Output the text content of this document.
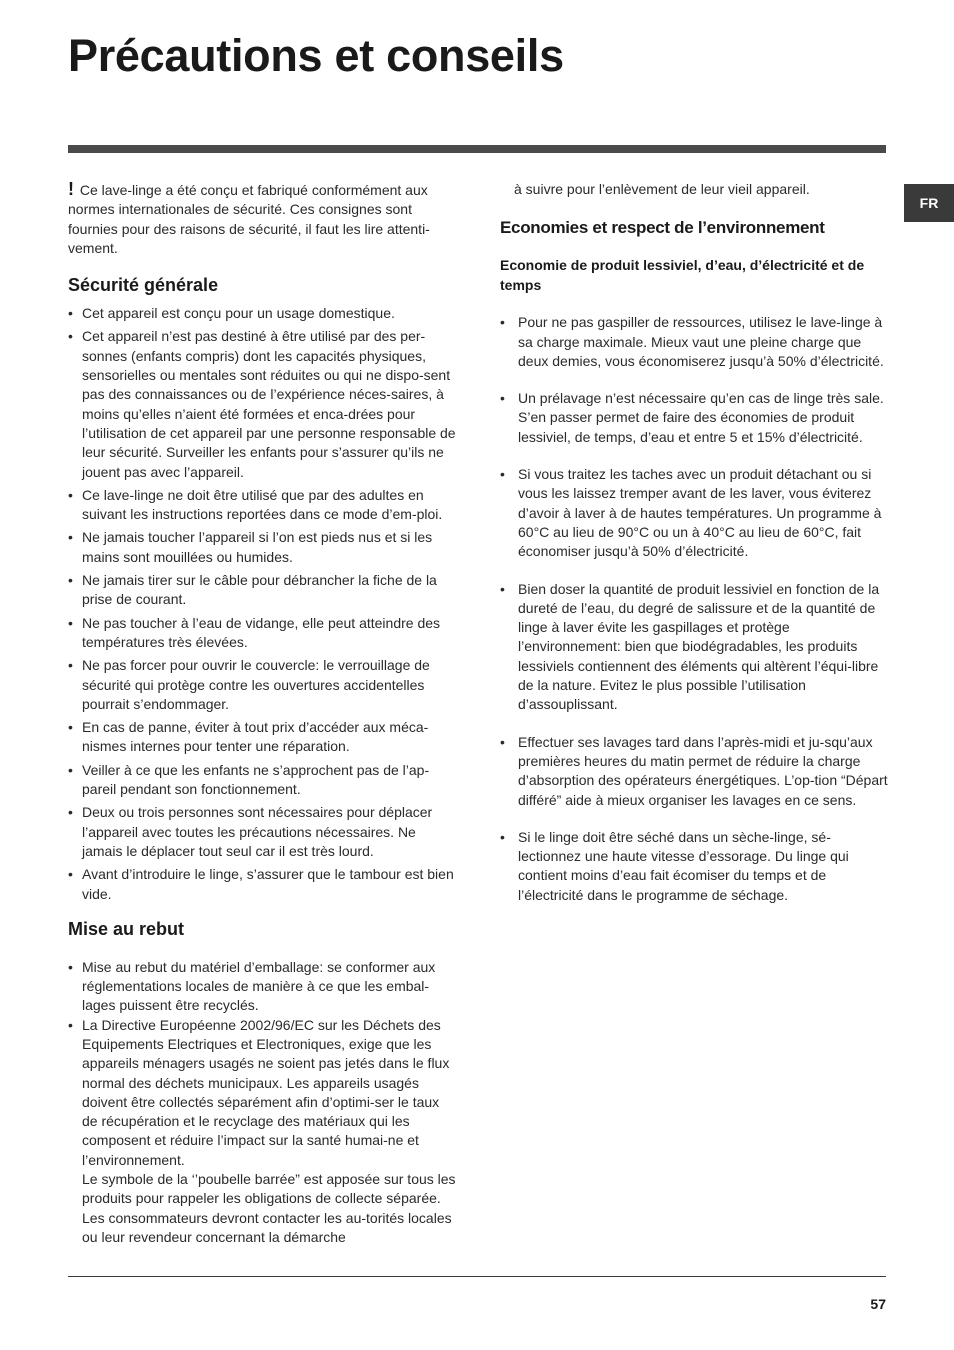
Précautions et conseils
FR

! Ce lave-linge a été conçu et fabriqué conformément aux normes internationales de sécurité. Ces consignes sont fournies pour des raisons de sécurité, il faut les lire attenti-vement.

Sécurité générale
• Cet appareil est conçu pour un usage domestique.
• Cet appareil n’est pas destiné à être utilisé par des per-sonnes (enfants compris) dont les capacités physiques, sensorielles ou mentales sont réduites ou qui ne dispo-sent pas des connaissances ou de l’expérience néces-saires, à moins qu’elles n’aient été formées et enca-drées pour l’utilisation de cet appareil par une personne responsable de leur sécurité. Surveiller les enfants pour s’assurer qu’ils ne jouent pas avec l’appareil.
• Ce lave-linge ne doit être utilisé que par des adultes en suivant les instructions reportées dans ce mode d’em-ploi.
• Ne jamais toucher l’appareil si l’on est pieds nus et si les mains sont mouillées ou humides.
• Ne jamais tirer sur le câble pour débrancher la fiche de la prise de courant.
• Ne pas toucher à l’eau de vidange, elle peut atteindre des températures très élevées.
• Ne pas forcer pour ouvrir le couvercle: le verrouillage de sécurité qui protège contre les ouvertures accidentelles pourrait s’endommager.
• En cas de panne, éviter à tout prix d’accéder aux méca-nismes internes pour tenter une réparation.
• Veiller à ce que les enfants ne s’approchent pas de l’ap-pareil pendant son fonctionnement.
• Deux ou trois personnes sont nécessaires pour déplacer l’appareil avec toutes les précautions nécessaires. Ne jamais le déplacer tout seul car il est très lourd.
• Avant d’introduire le linge, s’assurer que le tambour est bien vide.
Mise au rebut
• Mise au rebut du matériel d’emballage: se conformer aux réglementations locales de manière à ce que les embal-lages puissent être recyclés.
• La Directive Européenne 2002/96/EC sur les Déchets des Equipements Electriques et Electroniques, exige que les appareils ménagers usagés ne soient pas jetés dans le flux normal des déchets municipaux. Les appareils usagés doivent être collectés séparément afin d’optimi-ser le taux de récupération et le recyclage des matériaux qui les composent et réduire l’impact sur la santé humai-ne et l’environnement.

Le symbole de la ‘’poubelle barrée” est apposée sur tous les produits pour rappeler les obligations de collecte séparée. Les consommateurs devront contacter les au-torités locales ou leur revendeur concernant la démarche

à suivre pour l’enlèvement de leur vieil appareil.

Economies et respect de l’environnement
Economie de produit lessiviel, d’eau, d’électricité et de temps
• Pour ne pas gaspiller de ressources, utilisez le lave-linge à sa charge maximale. Mieux vaut une pleine charge que deux demies, vous économiserez jusqu’à 50% d’électricité.
• Un prélavage n’est nécessaire qu’en cas de linge très sale. S’en passer permet de faire des économies de produit lessiviel, de temps, d’eau et entre 5 et 15% d’électricité.
• Si vous traitez les taches avec un produit détachant ou si vous les laissez tremper avant de les laver, vous éviterez d’avoir à laver à de hautes températures. Un programme à 60°C au lieu de 90°C ou un à 40°C au lieu de 60°C, fait économiser jusqu’à 50% d’électricité.
• Bien doser la quantité de produit lessiviel en fonction de la dureté de l’eau, du degré de salissure et de la quantité de linge à laver évite les gaspillages et protège l’environnement: bien que biodégradables, les produits lessiviels contiennent des éléments qui altèrent l’équi-libre de la nature. Evitez le plus possible l’utilisation d’assouplissant.
• Effectuer ses lavages tard dans l’après-midi et ju-squ’aux premières heures du matin permet de réduire la charge d’absorption des opérateurs énergétiques. L’op-tion “Départ différé” aide à mieux organiser les lavages en ce sens.
• Si le linge doit être séché dans un sèche-linge, sé-lectionnez une haute vitesse d’essorage. Du linge qui contient moins d’eau fait écomiser du temps et de l’électricité dans le programme de séchage.
57
